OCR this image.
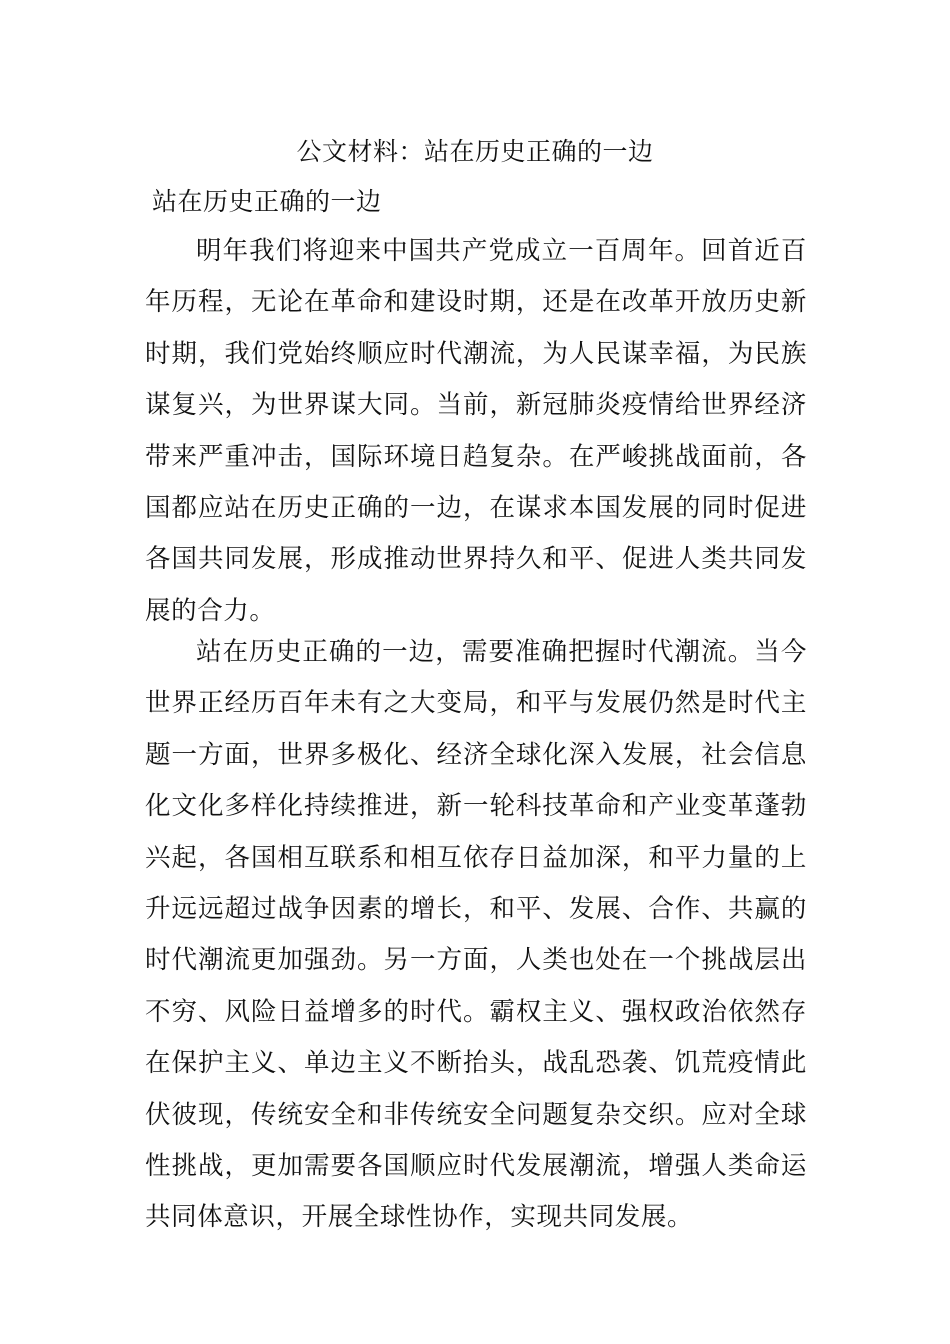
公文材料：站在历史正确的一边
站在历史正确的一边

明年我们将迎来中国共产党成立一百周年。回首近百年历程，无论在革命和建设时期，还是在改革开放历史新时期，我们党始终顺应时代潮流，为人民谋幸福，为民族谋复兴，为世界谋大同。当前，新冠肺炎疫情给世界经济带来严重冲击，国际环境日趋复杂。在严峻挑战面前，各国都应站在历史正确的一边，在谋求本国发展的同时促进各国共同发展，形成推动世界持久和平、促进人类共同发展的合力。

站在历史正确的一边，需要准确把握时代潮流。当今世界正经历百年未有之大变局，和平与发展仍然是时代主题一方面，世界多极化、经济全球化深入发展，社会信息化文化多样化持续推进，新一轮科技革命和产业变革蓬勃兴起，各国相互联系和相互依存日益加深，和平力量的上升远远超过战争因素的增长，和平、发展、合作、共赢的时代潮流更加强劲。另一方面，人类也处在一个挑战层出不穷、风险日益增多的时代。霸权主义、强权政治依然存在保护主义、单边主义不断抬头，战乱恐袭、饥荒疫情此伏彼现，传统安全和非传统安全问题复杂交织。应对全球性挑战，更加需要各国顺应时代发展潮流，增强人类命运共同体意识，开展全球性协作，实现共同发展。
